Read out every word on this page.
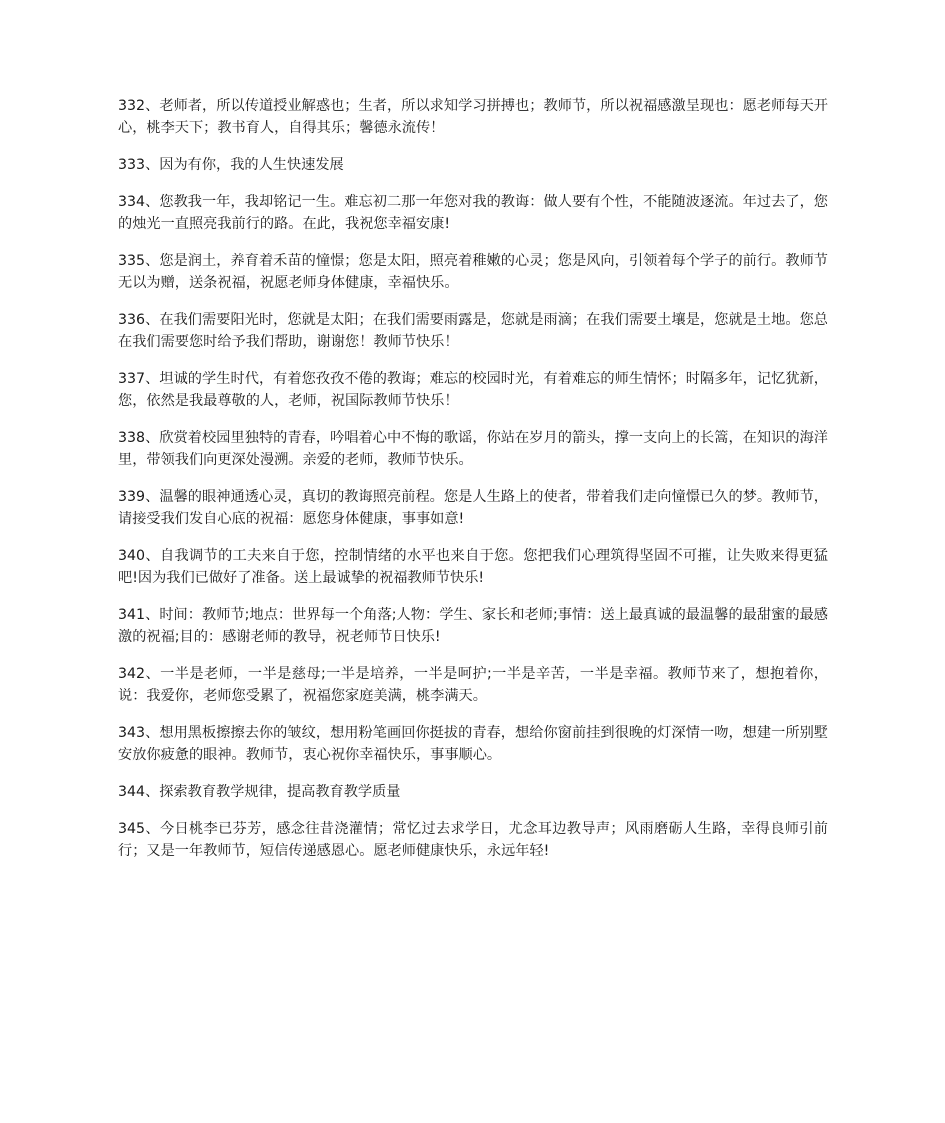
332、老师者，所以传道授业解惑也；生者，所以求知学习拼搏也；教师节，所以祝福感激呈现也：愿老师每天开心，桃李天下；教书育人，自得其乐；馨德永流传！

333、因为有你，我的人生快速发展

334、您教我一年，我却铭记一生。难忘初二那一年您对我的教诲：做人要有个性，不能随波逐流。年过去了，您的烛光一直照亮我前行的路。在此，我祝您幸福安康!

335、您是润土，养育着禾苗的憧憬；您是太阳，照亮着稚嫩的心灵；您是风向，引领着每个学子的前行。教师节无以为赠，送条祝福，祝愿老师身体健康，幸福快乐。

336、在我们需要阳光时，您就是太阳；在我们需要雨露是，您就是雨滴；在我们需要土壤是，您就是土地。您总在我们需要您时给予我们帮助，谢谢您！教师节快乐！

337、坦诚的学生时代，有着您孜孜不倦的教诲；难忘的校园时光，有着难忘的师生情怀；时隔多年，记忆犹新，您，依然是我最尊敬的人，老师，祝国际教师节快乐！

338、欣赏着校园里独特的青春，吟唱着心中不悔的歌谣，你站在岁月的箭头，撑一支向上的长篙，在知识的海洋里，带领我们向更深处漫溯。亲爱的老师，教师节快乐。

339、温馨的眼神通透心灵，真切的教诲照亮前程。您是人生路上的使者，带着我们走向憧憬已久的梦。教师节，请接受我们发自心底的祝福：愿您身体健康，事事如意!

340、自我调节的工夫来自于您，控制情绪的水平也来自于您。您把我们心理筑得坚固不可摧，让失败来得更猛吧!因为我们已做好了准备。送上最诚挚的祝福教师节快乐!

341、时间：教师节;地点：世界每一个角落;人物：学生、家长和老师;事情：送上最真诚的最温馨的最甜蜜的最感激的祝福;目的：感谢老师的教导，祝老师节日快乐!

342、一半是老师，一半是慈母;一半是培养，一半是呵护;一半是辛苦，一半是幸福。教师节来了，想抱着你，说：我爱你，老师您受累了，祝福您家庭美满，桃李满天。

343、想用黑板擦擦去你的皱纹，想用粉笔画回你挺拔的青春，想给你窗前挂到很晚的灯深情一吻，想建一所别墅安放你疲惫的眼神。教师节，衷心祝你幸福快乐，事事顺心。

344、探索教育教学规律，提高教育教学质量

345、今日桃李已芬芳，感念往昔浇灌情；常忆过去求学日，尤念耳边教导声；风雨磨砺人生路，幸得良师引前行；又是一年教师节，短信传递感恩心。愿老师健康快乐，永远年轻!
